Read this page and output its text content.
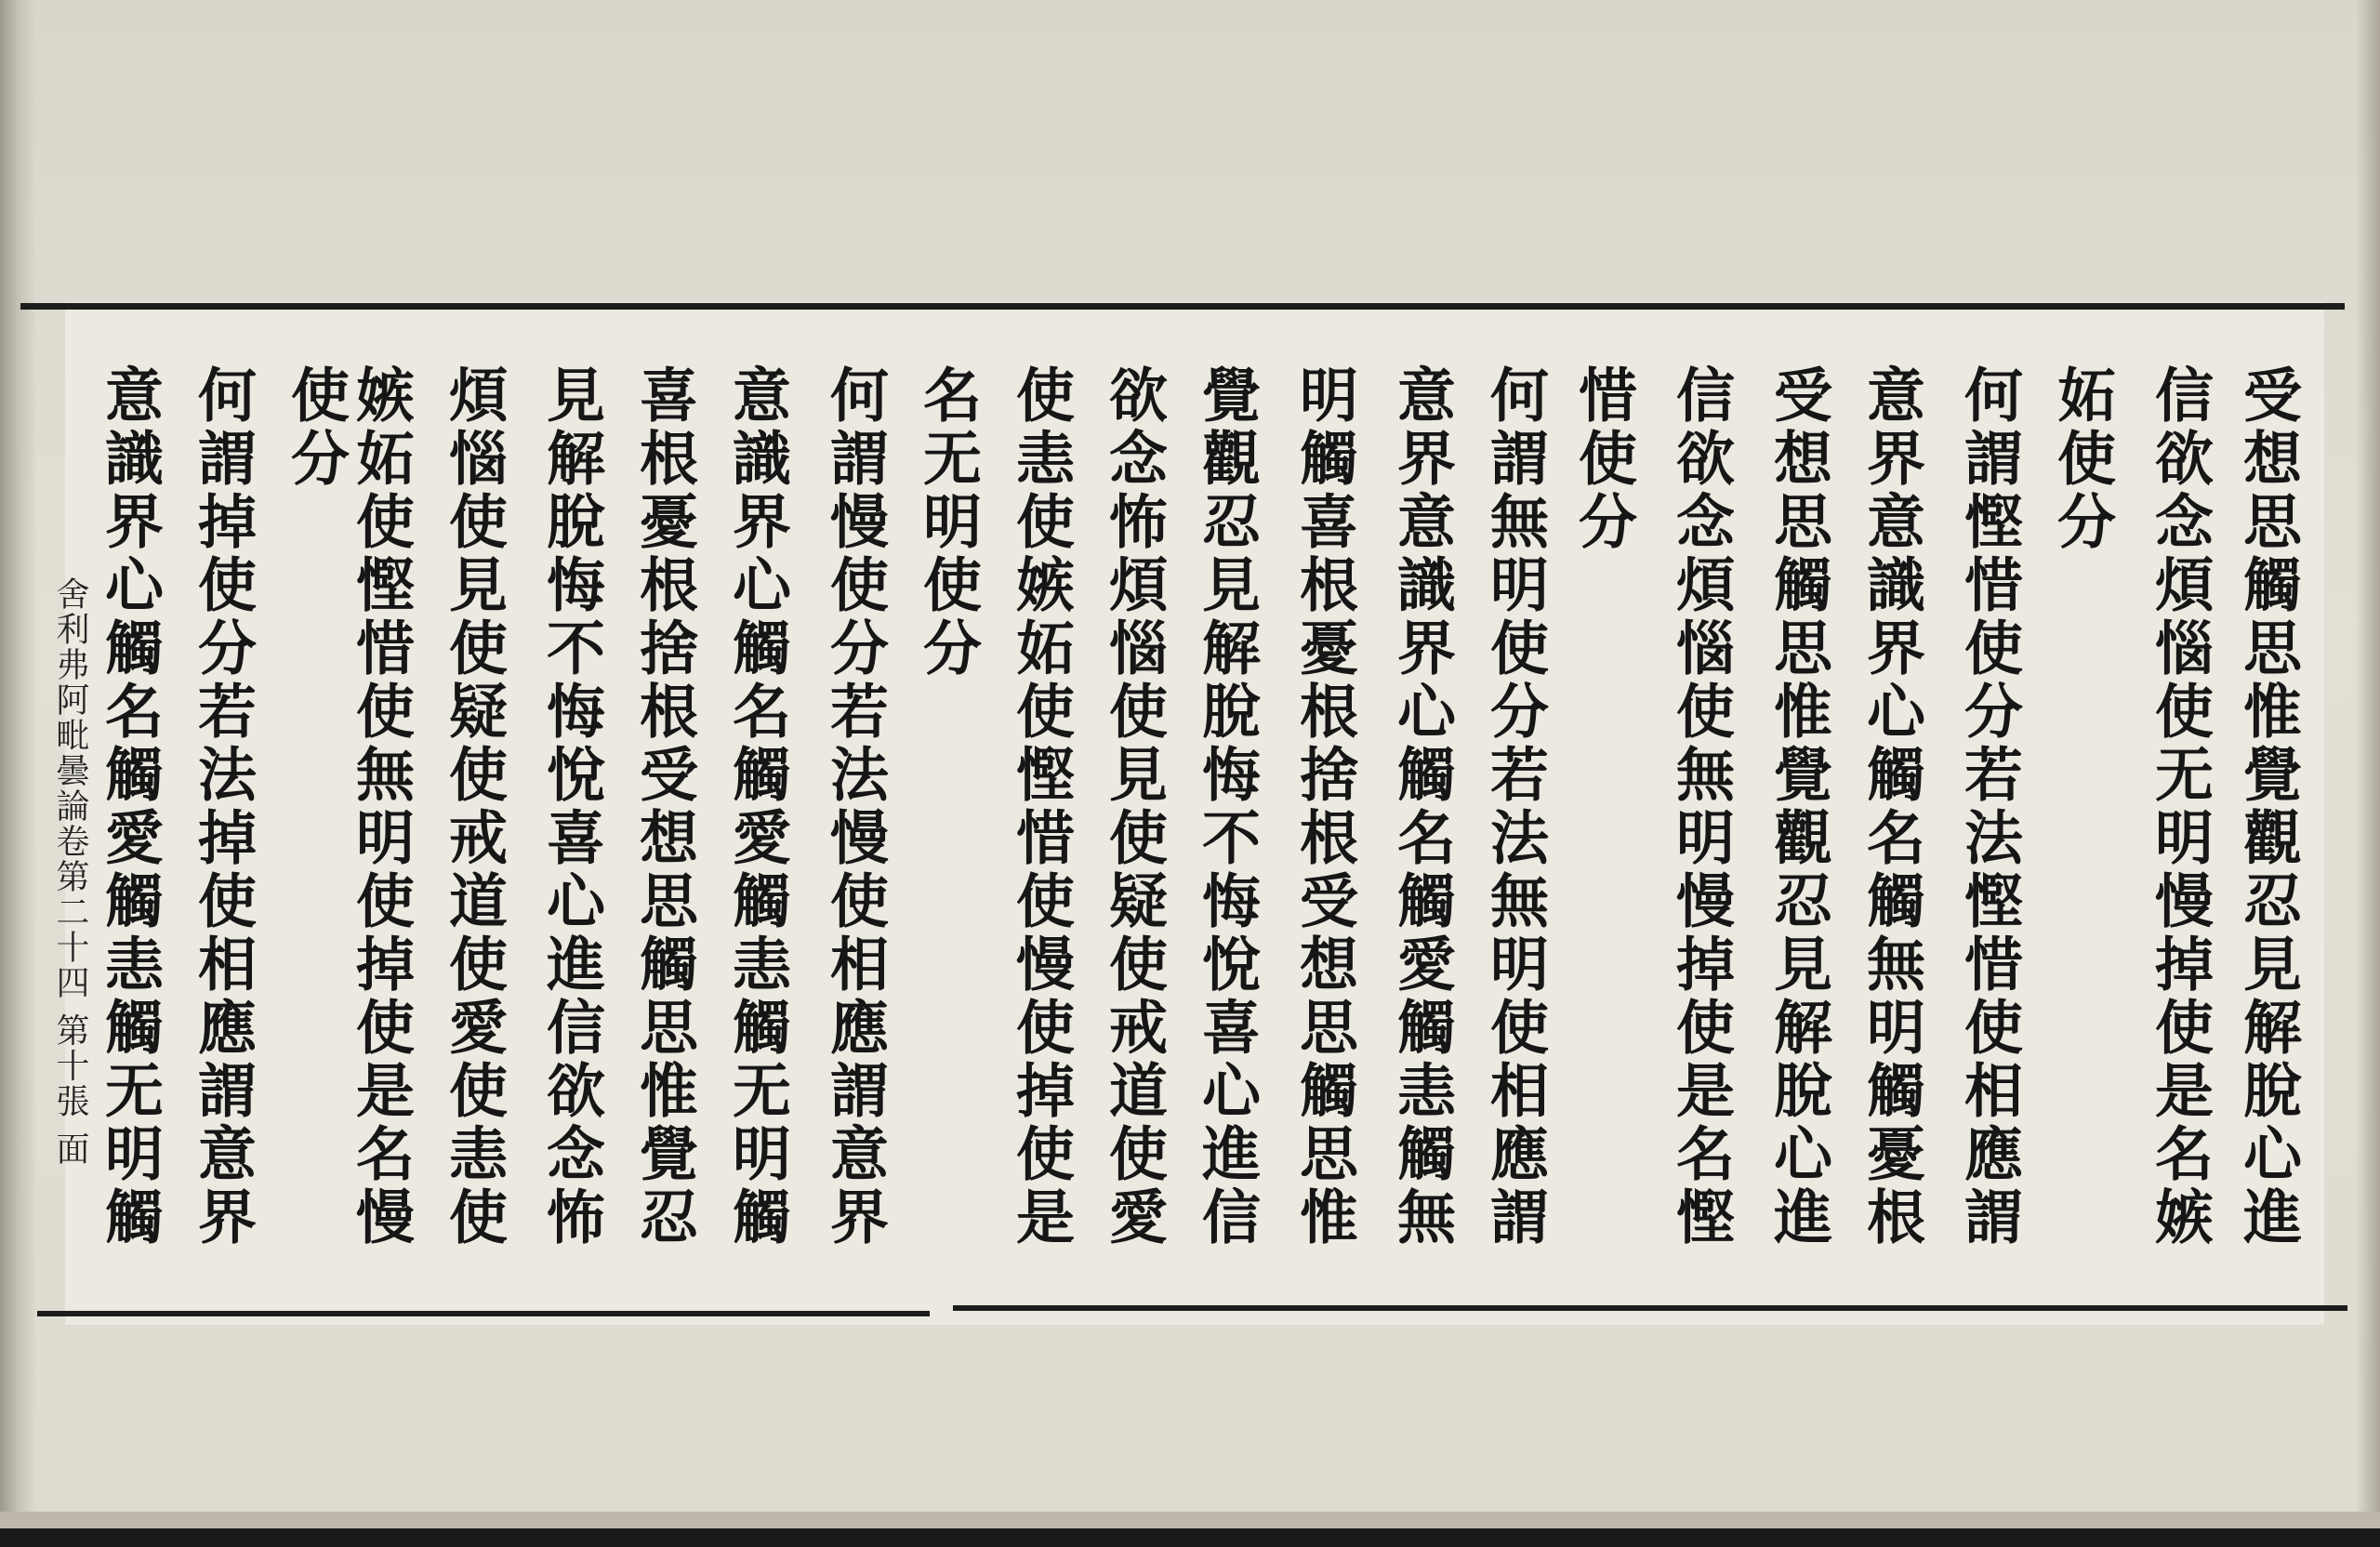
受想思觸思惟覺觀忍見解脫心進
信欲念煩惱使无明慢掉使是名嫉
妬使分
何謂慳惜使分若法慳惜使相應謂
意界意識界心觸名觸無明觸憂根
受想思觸思惟覺觀忍見解脫心進
信欲念煩惱使無明慢掉使是名慳
惜使分
何謂無明使分若法無明使相應謂
意界意識界心觸名觸愛觸恚觸無
明觸喜根憂根捨根受想思觸思惟
覺觀忍見解脫悔不悔悅喜心進信
欲念怖煩惱使見使疑使戒道使愛
使恚使嫉妬使慳惜使慢使掉使是
名无明使分
何謂慢使分若法慢使相應謂意界
意識界心觸名觸愛觸恚觸无明觸
喜根憂根捨根受想思觸思惟覺忍
見解脫悔不悔悅喜心進信欲念怖
煩惱使見使疑使戒道使愛使恚使
嫉妬使慳惜使無明使掉使是名慢
使分
何謂掉使分若法掉使相應謂意界
意識界心觸名觸愛觸恚觸无明觸
舍利弗阿毗曇論卷第二十四 第十張 面
